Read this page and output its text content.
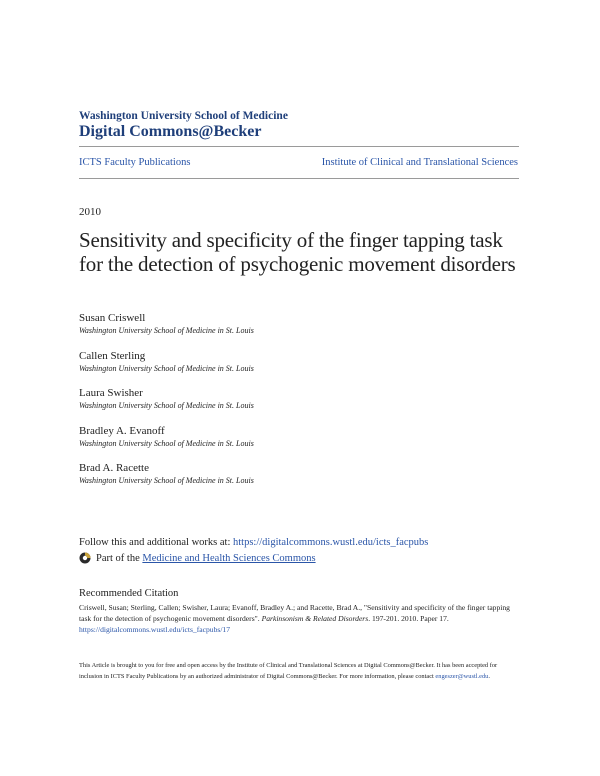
Washington University School of Medicine
Digital Commons@Becker
ICTS Faculty Publications	Institute of Clinical and Translational Sciences
2010
Sensitivity and specificity of the finger tapping task for the detection of psychogenic movement disorders
Susan Criswell
Washington University School of Medicine in St. Louis
Callen Sterling
Washington University School of Medicine in St. Louis
Laura Swisher
Washington University School of Medicine in St. Louis
Bradley A. Evanoff
Washington University School of Medicine in St. Louis
Brad A. Racette
Washington University School of Medicine in St. Louis
Follow this and additional works at: https://digitalcommons.wustl.edu/icts_facpubs
Part of the
Medicine and Health Sciences Commons
Recommended Citation
Criswell, Susan; Sterling, Callen; Swisher, Laura; Evanoff, Bradley A.; and Racette, Brad A., "Sensitivity and specificity of the finger tapping task for the detection of psychogenic movement disorders". Parkinsonism & Related Disorders. 197-201. 2010. Paper 17.
https://digitalcommons.wustl.edu/icts_facpubs/17
This Article is brought to you for free and open access by the Institute of Clinical and Translational Sciences at Digital Commons@Becker. It has been accepted for inclusion in ICTS Faculty Publications by an authorized administrator of Digital Commons@Becker. For more information, please contact engeszer@wustl.edu.
